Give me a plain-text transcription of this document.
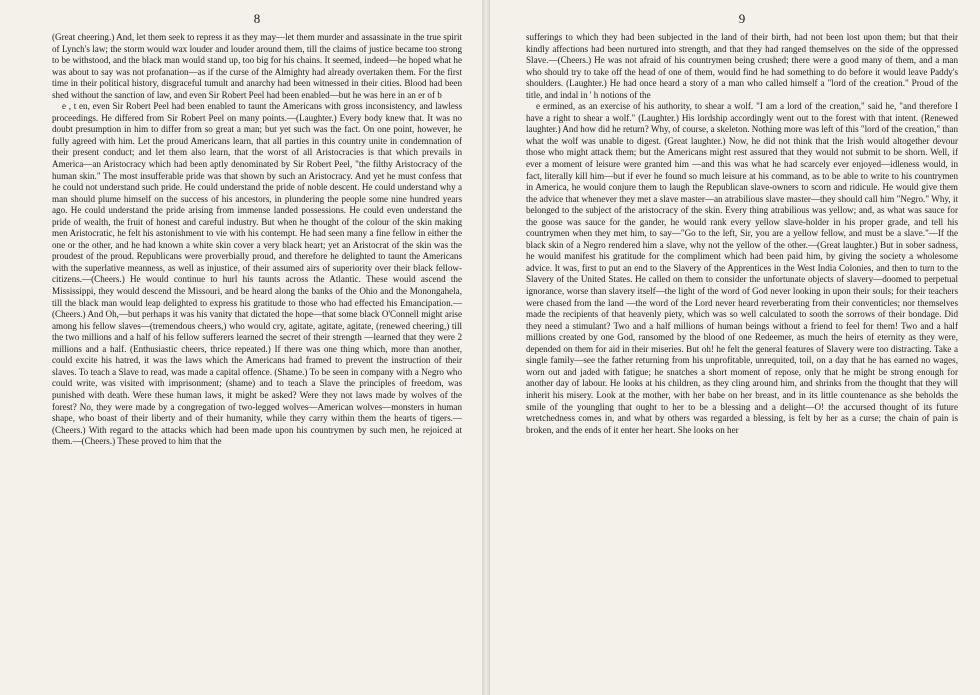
8

(Great cheering.) And, let them seek to repress it as they may—let them murder and assassinate in the true spirit of Lynch's law; the storm would wax louder and louder around them, till the claims of justice became too strong to be withstood, and the black man would stand up, too big for his chains. It seemed, indeed—he hoped what he was about to say was not profanation—as if the curse of the Almighty had already overtaken them. For the first time in their political history, disgraceful tumult and anarchy had been witnessed in their cities. Blood had been shed without the sanction of law, and even Sir Robert Peel had been enabled—but he was here in an er of b

e , t en, even Sir Robert Peel had been enabled to taunt the Americans with gross inconsistency, and lawless proceedings. He differed from Sir Robert Peel on many points.—(Laughter.) Every body knew that. It was no doubt presumption in him to differ from so great a man; but yet such was the fact. On one point, however, he fully agreed with him. Let the proud Americans learn, that all parties in this country unite in condemnation of their present conduct; and let them also learn, that the worst of all Aristocracies is that which prevails in America—an Aristocracy which had been aptly denominated by Sir Robert Peel, "the filthy Aristocracy of the human skin." The most insufferable pride was that shown by such an Aristocracy. And yet he must confess that he could not understand such pride. He could understand the pride of noble descent. He could understand why a man should plume himself on the success of his ancestors, in plundering the people some nine hundred years ago. He could understand the pride arising from immense landed possessions. He could even understand the pride of wealth, the fruit of honest and careful industry. But when he thought of the colour of the skin making men Aristocratic, he felt his astonishment to vie with his contempt. He had seen many a fine fellow in either the one or the other, and he had known a white skin cover a very black heart; yet an Aristocrat of the skin was the proudest of the proud. Republicans were proverbially proud, and therefore he delighted to taunt the Americans with the superlative meanness, as well as injustice, of their assumed airs of superiority over their black fellow-citizens.—(Cheers.) He would continue to hurl his taunts across the Atlantic. These would ascend the Mississippi, they would descend the Missouri, and be heard along the banks of the Ohio and the Monongahela, till the black man would leap delighted to express his gratitude to those who had effected his Emancipation.—(Cheers.) And Oh,—but perhaps it was his vanity that dictated the hope—that some black O'Connell might arise among his fellow slaves—(tremendous cheers,) who would cry, agitate, agitate, agitate, (renewed cheering,) till the two millions and a half of his fellow sufferers learned the secret of their strength —learned that they were 2 millions and a half. (Enthusiastic cheers, thrice repeated.) If there was one thing which, more than another, could excite his hatred, it was the laws which the Americans had framed to prevent the instruction of their slaves. To teach a Slave to read, was made a capital offence. (Shame.) To be seen in company with a Negro who could write, was visited with imprisonment; (shame) and to teach a Slave the principles of freedom, was punished with death. Were these human laws, it might be asked? Were they not laws made by wolves of the forest? No, they were made by a congregation of two-legged wolves—American wolves—monsters in human shape, who boast of their liberty and of their humanity, while they carry within them the hearts of tigers.—(Cheers.) With regard to the attacks which had been made upon his countrymen by such men, he rejoiced at them.—(Cheers.) These proved to him that the

9

sufferings to which they had been subjected in the land of their birth, had not been lost upon them; but that their kindly affections had been nurtured into strength, and that they had ranged themselves on the side of the oppressed Slave.—(Cheers.) He was not afraid of his countrymen being crushed; there were a good many of them, and a man who should try to take off the head of one of them, would find he had something to do before it would leave Paddy's shoulders. (Laughter.) He had once heard a story of a man who called himself a "lord of the creation." Proud of the title, and indal in ' h notions of the

e ermined, as an exercise of his authority, to shear a wolf. "I am a lord of the creation," said he, "and therefore I have a right to shear a wolf." (Laughter.) His lordship accordingly went out to the forest with that intent. (Renewed laughter.) And how did he return? Why, of course, a skeleton. Nothing more was left of this "lord of the creation," than what the wolf was unable to digest. (Great laughter.) Now, he did not think that the Irish would altogether devour those who might attack them; but the Americans might rest assured that they would not submit to be shorn. Well, if ever a moment of leisure were granted him —and this was what he had scarcely ever enjoyed—idleness would, in fact, literally kill him—but if ever he found so much leisure at his command, as to be able to write to his countrymen in America, he would conjure them to laugh the Republican slave-owners to scorn and ridicule. He would give them the advice that whenever they met a slave master—an atrabilious slave master—they should call him "Negro." Why, it belonged to the subject of the aristocracy of the skin. Every thing atrabilious was yellow; and, as what was sauce for the goose was sauce for the gander, he would rank every yellow slave-holder in his proper grade, and tell his countrymen when they met him, to say—"Go to the left, Sir, you are a yellow fellow, and must be a slave."—If the black skin of a Negro rendered him a slave, why not the yellow of the other.—(Great laughter.) But in sober sadness, he would manifest his gratitude for the compliment which had been paid him, by giving the society a wholesome advice. It was, first to put an end to the Slavery of the Apprentices in the West India Colonies, and then to turn to the Slavery of the United States. He called on them to consider the unfortunate objects of slavery—doomed to perpetual ignorance, worse than slavery itself—the light of the word of God never looking in upon their souls; for their teachers were chased from the land —the word of the Lord never heard reverberating from their conventicles; nor themselves made the recipients of that heavenly piety, which was so well calculated to sooth the sorrows of their bondage. Did they need a stimulant? Two and a half millions of human beings without a friend to feel for them! Two and a half millions created by one God, ransomed by the blood of one Redeemer, as much the heirs of eternity as they were, depended on them for aid in their miseries. But oh! he felt the general features of Slavery were too distracting. Take a single family—see the father returning from his unprofitable, unrequited, toil, on a day that he has earned no wages, worn out and jaded with fatigue; he snatches a short moment of repose, only that he might be strong enough for another day of labour. He looks at his children, as they cling around him, and shrinks from the thought that they will inherit his misery. Look at the mother, with her babe on her breast, and in its little countenance as she beholds the smile of the youngling that ought to her to be a blessing and a delight—O! the accursed thought of its future wretchedness comes in, and what by others was regarded a blessing, is felt by her as a curse; the chain of pain is broken, and the ends of it enter her heart. She looks on her
